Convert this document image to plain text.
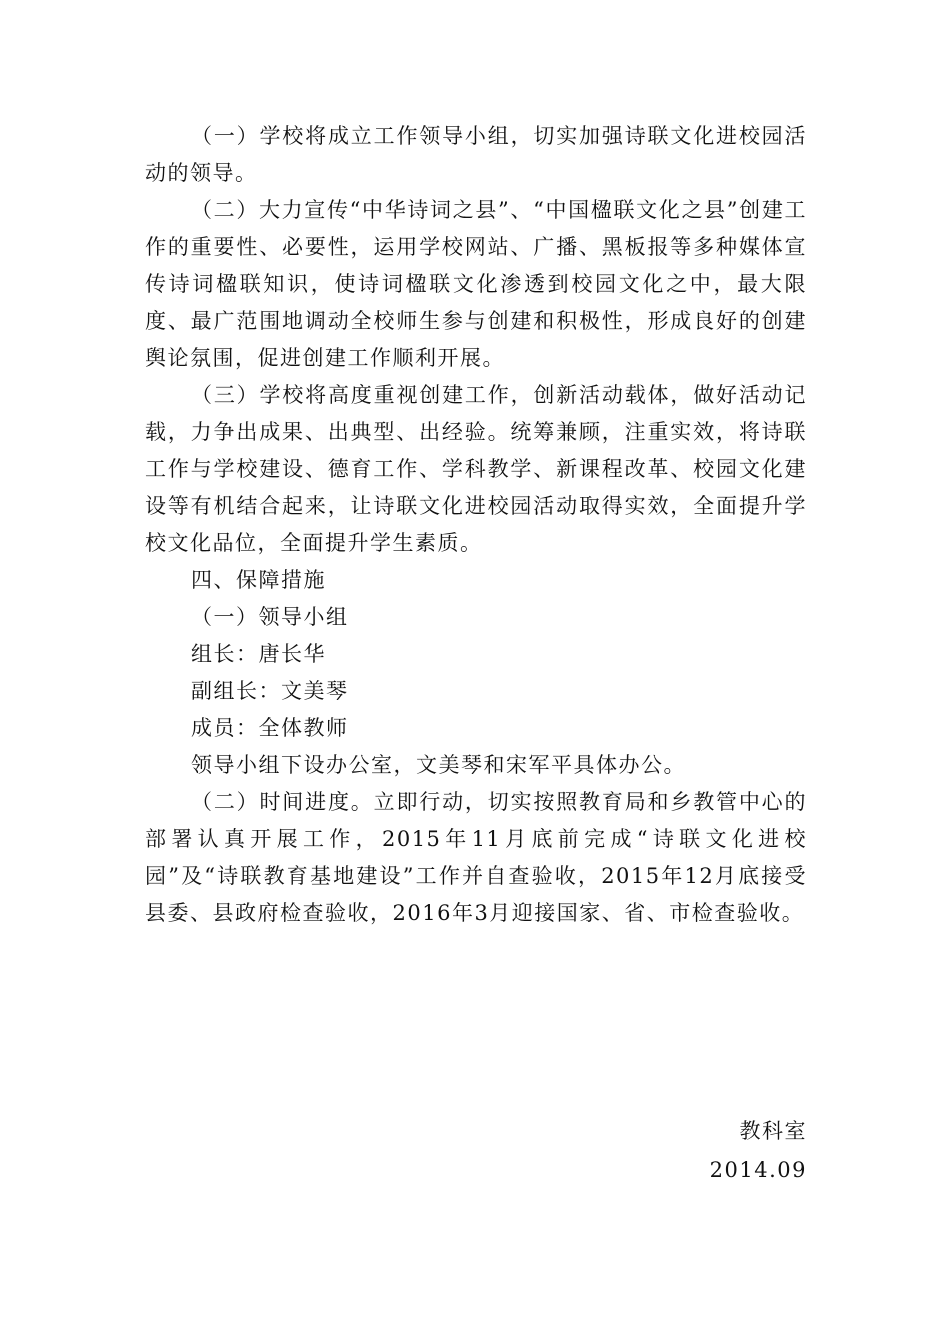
（一）学校将成立工作领导小组，切实加强诗联文化进校园活动的领导。

（二）大力宣传“中华诗词之县”、“中国楹联文化之县”创建工作的重要性、必要性，运用学校网站、广播、黑板报等多种媒体宣传诗词楹联知识，使诗词楹联文化渗透到校园文化之中，最大限度、最广范围地调动全校师生参与创建和积极性，形成良好的创建舆论氛围，促进创建工作顺利开展。

（三）学校将高度重视创建工作，创新活动载体，做好活动记载，力争出成果、出典型、出经验。统筹兼顾，注重实效，将诗联工作与学校建设、德育工作、学科教学、新课程改革、校园文化建设等有机结合起来，让诗联文化进校园活动取得实效，全面提升学校文化品位，全面提升学生素质。

四、保障措施

（一）领导小组

组长：唐长华

副组长：文美琴

成员：全体教师

领导小组下设办公室，文美琴和宋军平具体办公。

（二）时间进度。立即行动，切实按照教育局和乡教管中心的部署认真开展工作，2015年11月底前完成“诗联文化进校园”及“诗联教育基地建设”工作并自查验收，2015年12月底接受县委、县政府检查验收，2016年3月迎接国家、省、市检查验收。

教科室
2014.09
